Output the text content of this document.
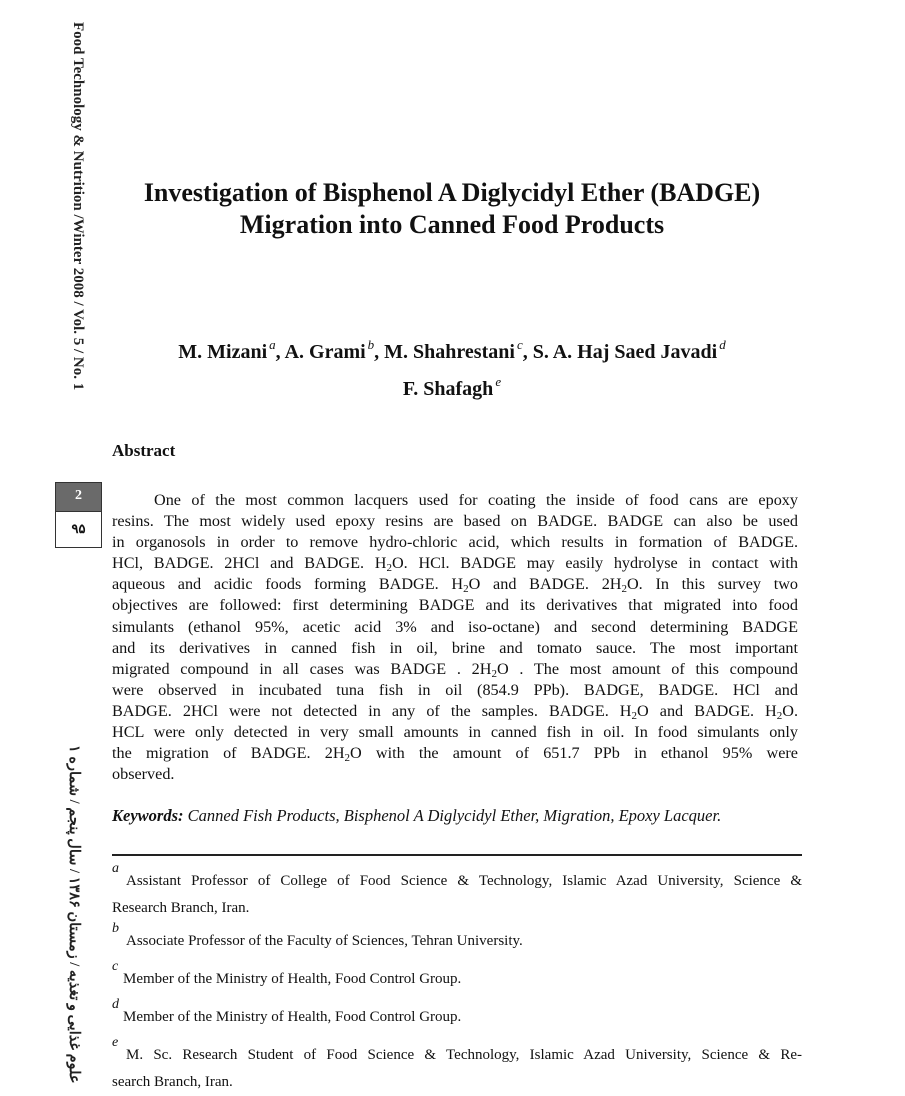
Food Technology & Nutrition /Winter 2008 / Vol. 5 / No. 1
2
۹۵
علوم غذایی و تغذیه / زمستان ۱۳۸۶ / سال پنجم / شماره ۱
Investigation of Bisphenol A Diglycidyl Ether (BADGE)
Migration into Canned Food Products
M. Mizani $^a$, A. Grami $^b$, M. Shahrestani $^c$, S. A. Haj Saed Javadi $^d$
F. Shafagh $^e$
Abstract
One of the most common lacquers used for coating the inside of food cans are epoxy
resins. The most widely used epoxy resins are based on BADGE. BADGE can also be used
in organosols in order to remove hydro-chloric acid, which results in formation of BADGE.
HCl, BADGE. 2HCl and BADGE. $H_2O$. HCl. BADGE may easily hydrolyse in contact with
aqueous and acidic foods forming BADGE. $H_2O$ and BADGE. $2H_2O$. In this survey two
objectives are followed: first determining BADGE and its derivatives that migrated into food
simulants (ethanol 95%, acetic acid 3% and iso-octane) and second determining BADGE
and its derivatives in canned fish in oil, brine and tomato sauce. The most important
migrated compound in all cases was BADGE . $2H_2O$ . The most amount of this compound
were observed in incubated tuna fish in oil (854.9 PPb). BADGE, BADGE. HCl and
BADGE. 2HCl were not detected in any of the samples. BADGE. $H_2O$ and BADGE. $H_2O$.
HCL were only detected in very small amounts in canned fish in oil. In food simulants only
the migration of BADGE. $2H_2O$ with the amount of 651.7 PPb in ethanol 95% were
observed.
Keywords: Canned Fish Products, Bisphenol A Diglycidyl Ether, Migration, Epoxy Lacquer.
a
Assistant Professor of College of Food Science & Technology, Islamic Azad University, Science &
Research Branch, Iran.
b
Associate Professor of the Faculty of Sciences, Tehran University.
c
Member of the Ministry of Health, Food Control Group.
d
Member of the Ministry of Health, Food Control Group.
e
M. Sc. Research Student of Food Science & Technology, Islamic Azad University, Science & Re-
search Branch, Iran.
